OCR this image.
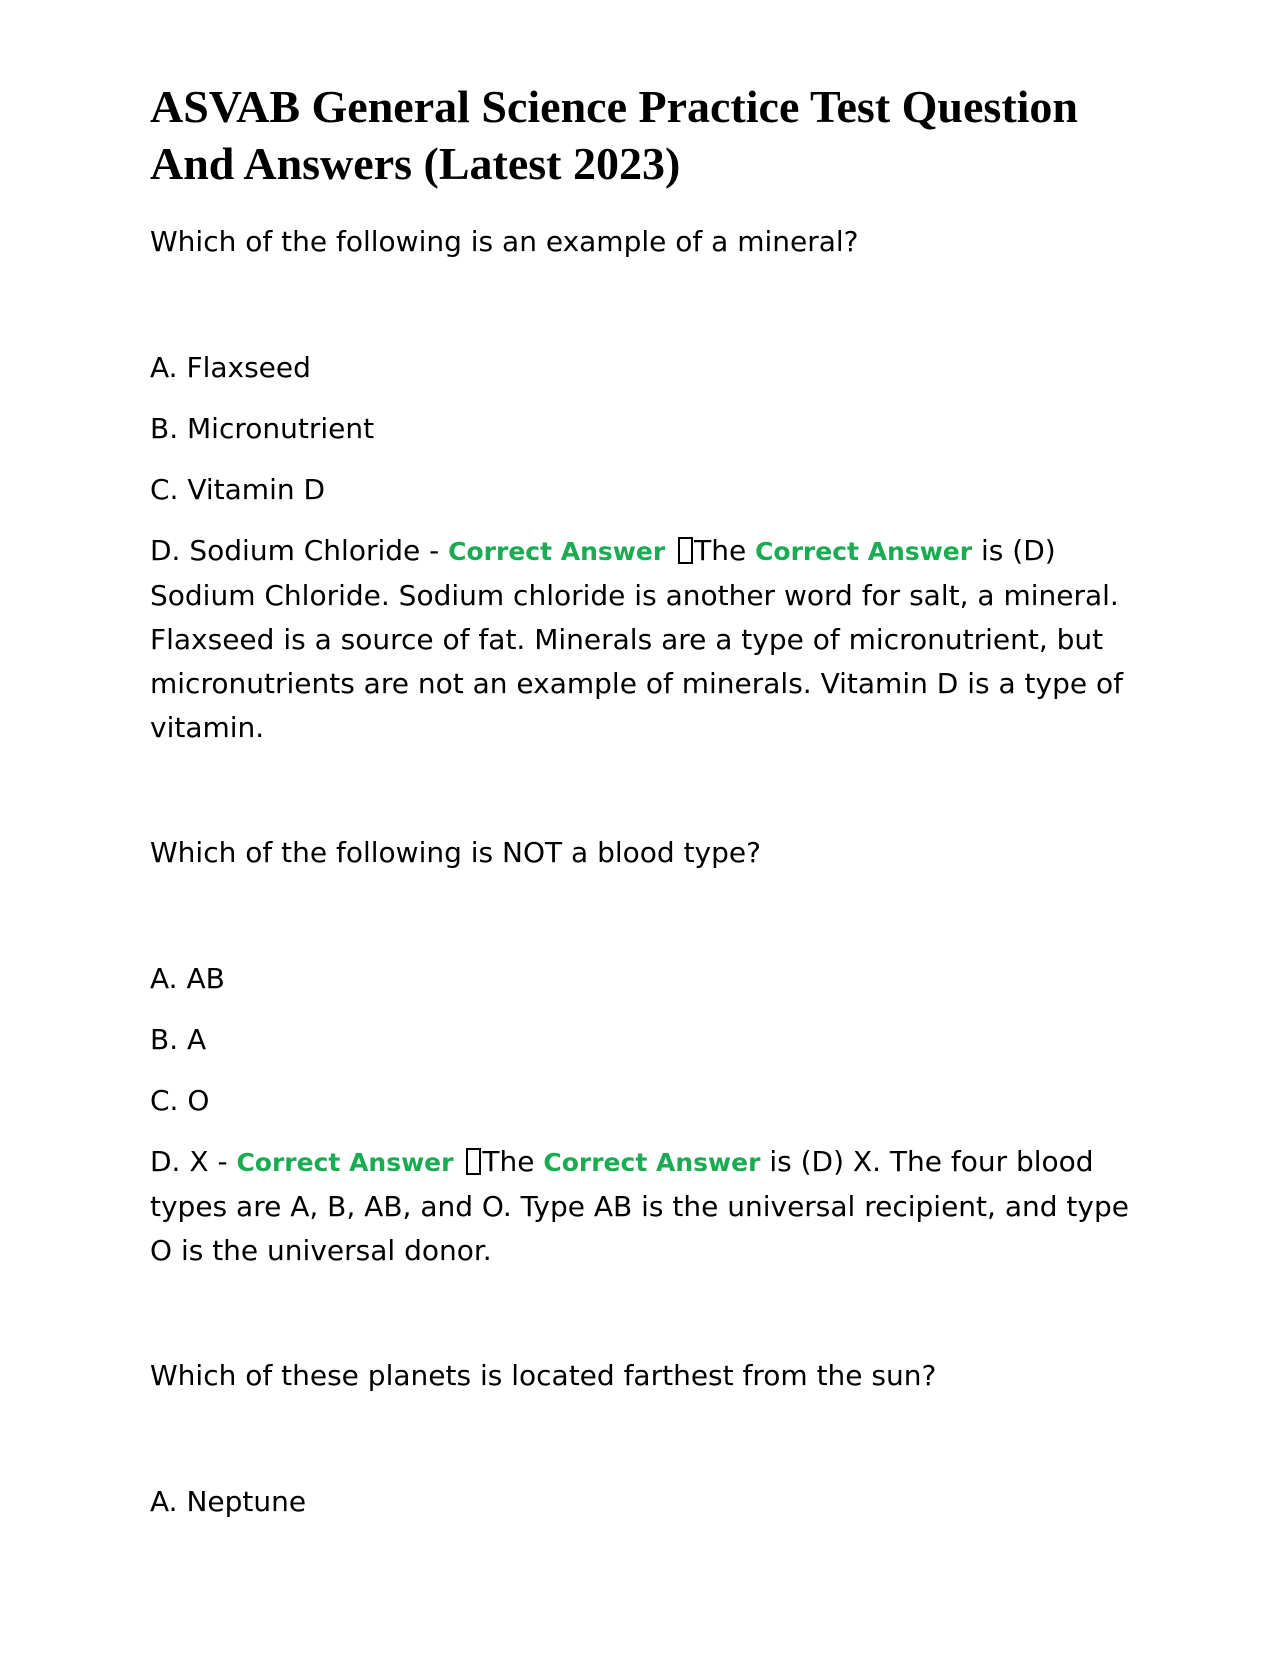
ASVAB General Science Practice Test Question And Answers (Latest 2023)

Which of the following is an example of a mineral?

A. Flaxseed

B. Micronutrient

C. Vitamin D

D. Sodium Chloride - Correct Answer The Correct Answer is (D) Sodium Chloride. Sodium chloride is another word for salt, a mineral. Flaxseed is a source of fat. Minerals are a type of micronutrient, but micronutrients are not an example of minerals. Vitamin D is a type of vitamin.

Which of the following is NOT a blood type?

A. AB

B. A

C. O

D. X - Correct Answer The Correct Answer is (D) X. The four blood types are A, B, AB, and O. Type AB is the universal recipient, and type O is the universal donor.

Which of these planets is located farthest from the sun?

A. Neptune
